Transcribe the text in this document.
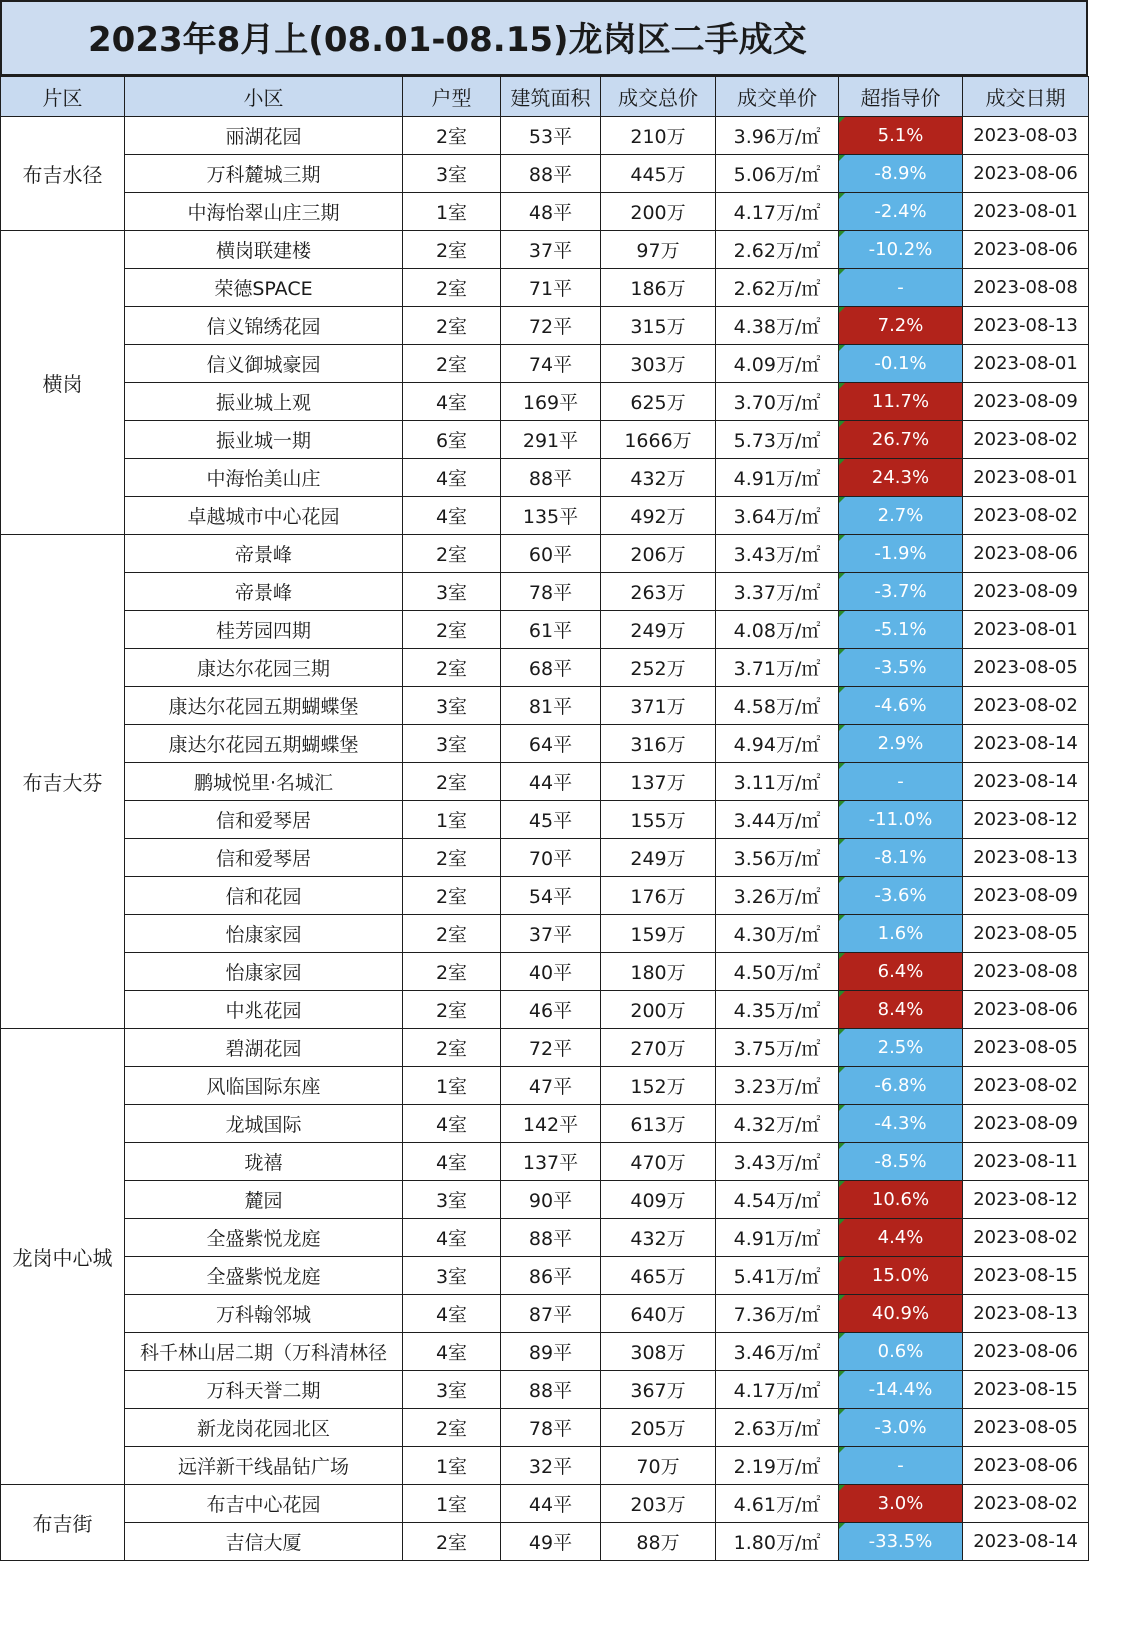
2023年8月上(08.01-08.15)龙岗区二手成交
片区	小区	户型	建筑面积	成交总价	成交单价	超指导价	成交日期
布吉水径	丽湖花园	2室	53平	210万	3.96万/㎡	5.1%	2023-08-03
	万科麓城三期	3室	88平	445万	5.06万/㎡	-8.9%	2023-08-06
	中海怡翠山庄三期	1室	48平	200万	4.17万/㎡	-2.4%	2023-08-01
横岗	横岗联建楼	2室	37平	97万	2.62万/㎡	-10.2%	2023-08-06
	荣德SPACE	2室	71平	186万	2.62万/㎡	-	2023-08-08
	信义锦绣花园	2室	72平	315万	4.38万/㎡	7.2%	2023-08-13
	信义御城豪园	2室	74平	303万	4.09万/㎡	-0.1%	2023-08-01
	振业城上观	4室	169平	625万	3.70万/㎡	11.7%	2023-08-09
	振业城一期	6室	291平	1666万	5.73万/㎡	26.7%	2023-08-02
	中海怡美山庄	4室	88平	432万	4.91万/㎡	24.3%	2023-08-01
	卓越城市中心花园	4室	135平	492万	3.64万/㎡	2.7%	2023-08-02
布吉大芬	帝景峰	2室	60平	206万	3.43万/㎡	-1.9%	2023-08-06
	帝景峰	3室	78平	263万	3.37万/㎡	-3.7%	2023-08-09
	桂芳园四期	2室	61平	249万	4.08万/㎡	-5.1%	2023-08-01
	康达尔花园三期	2室	68平	252万	3.71万/㎡	-3.5%	2023-08-05
	康达尔花园五期蝴蝶堡	3室	81平	371万	4.58万/㎡	-4.6%	2023-08-02
	康达尔花园五期蝴蝶堡	3室	64平	316万	4.94万/㎡	2.9%	2023-08-14
	鹏城悦里·名城汇	2室	44平	137万	3.11万/㎡	-	2023-08-14
	信和爱琴居	1室	45平	155万	3.44万/㎡	-11.0%	2023-08-12
	信和爱琴居	2室	70平	249万	3.56万/㎡	-8.1%	2023-08-13
	信和花园	2室	54平	176万	3.26万/㎡	-3.6%	2023-08-09
	怡康家园	2室	37平	159万	4.30万/㎡	1.6%	2023-08-05
	怡康家园	2室	40平	180万	4.50万/㎡	6.4%	2023-08-08
	中兆花园	2室	46平	200万	4.35万/㎡	8.4%	2023-08-06
龙岗中心城	碧湖花园	2室	72平	270万	3.75万/㎡	2.5%	2023-08-05
	风临国际东座	1室	47平	152万	3.23万/㎡	-6.8%	2023-08-02
	龙城国际	4室	142平	613万	4.32万/㎡	-4.3%	2023-08-09
	珑禧	4室	137平	470万	3.43万/㎡	-8.5%	2023-08-11
	麓园	3室	90平	409万	4.54万/㎡	10.6%	2023-08-12
	全盛紫悦龙庭	4室	88平	432万	4.91万/㎡	4.4%	2023-08-02
	全盛紫悦龙庭	3室	86平	465万	5.41万/㎡	15.0%	2023-08-15
	万科翰邻城	4室	87平	640万	7.36万/㎡	40.9%	2023-08-13
	科千林山居二期（万科清林径	4室	89平	308万	3.46万/㎡	0.6%	2023-08-06
	万科天誉二期	3室	88平	367万	4.17万/㎡	-14.4%	2023-08-15
	新龙岗花园北区	2室	78平	205万	2.63万/㎡	-3.0%	2023-08-05
	远洋新干线晶钻广场	1室	32平	70万	2.19万/㎡	-	2023-08-06
布吉街	布吉中心花园	1室	44平	203万	4.61万/㎡	3.0%	2023-08-02
	吉信大厦	2室	49平	88万	1.80万/㎡	-33.5%	2023-08-14
